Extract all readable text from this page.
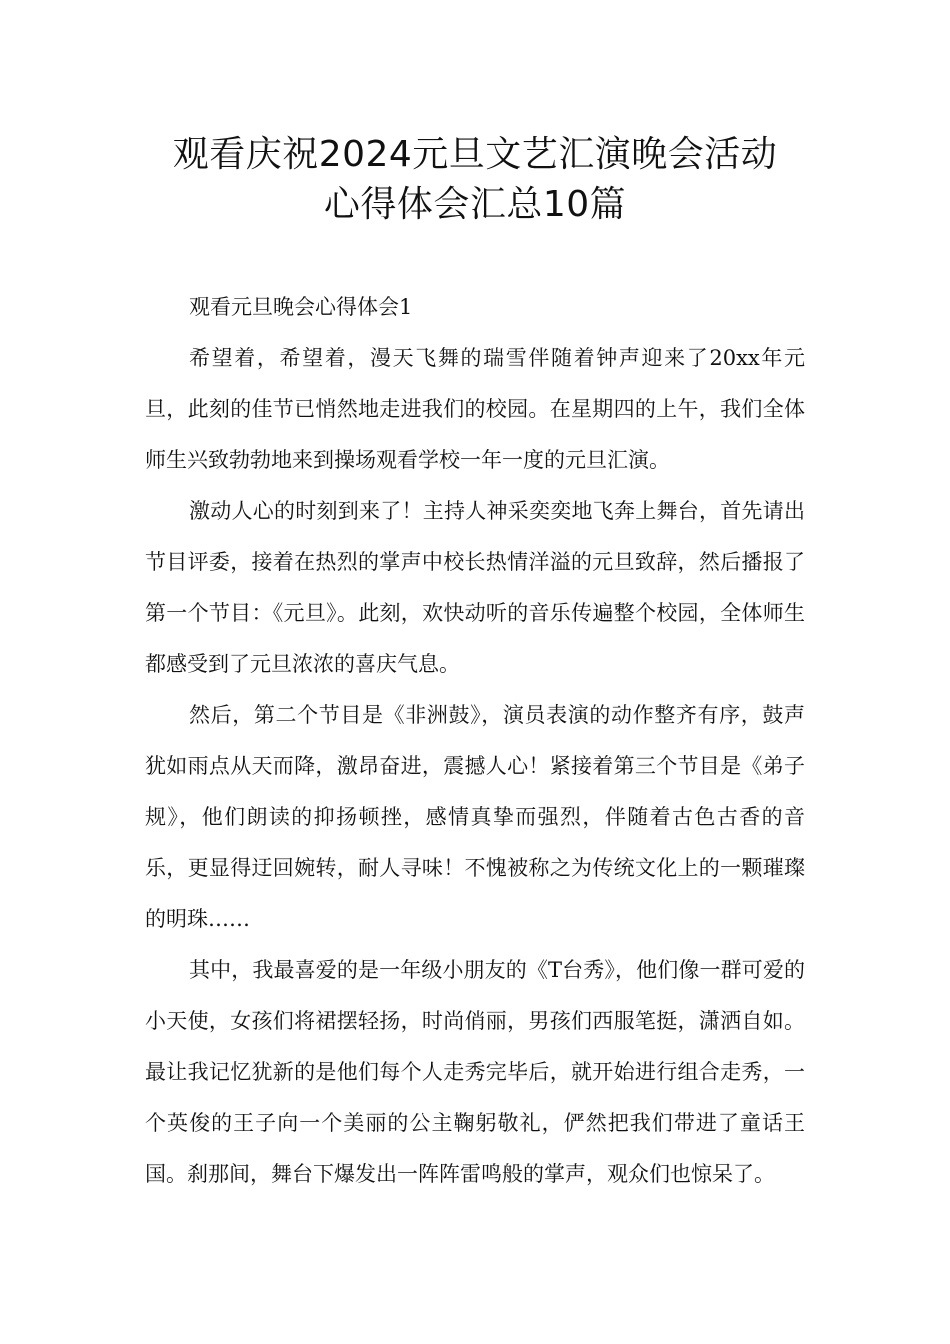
观看庆祝2024元旦文艺汇演晚会活动
心得体会汇总10篇

观看元旦晚会心得体会1

希望着，希望着，漫天飞舞的瑞雪伴随着钟声迎来了20xx年元旦，此刻的佳节已悄然地走进我们的校园。在星期四的上午，我们全体师生兴致勃勃地来到操场观看学校一年一度的元旦汇演。

激动人心的时刻到来了！主持人神采奕奕地飞奔上舞台，首先请出节目评委，接着在热烈的掌声中校长热情洋溢的元旦致辞，然后播报了第一个节目：《元旦》。此刻，欢快动听的音乐传遍整个校园，全体师生都感受到了元旦浓浓的喜庆气息。

然后，第二个节目是《非洲鼓》，演员表演的动作整齐有序，鼓声犹如雨点从天而降，激昂奋进，震撼人心！紧接着第三个节目是《弟子规》，他们朗读的抑扬顿挫，感情真挚而强烈，伴随着古色古香的音乐，更显得迂回婉转，耐人寻味！不愧被称之为传统文化上的一颗璀璨的明珠……

其中，我最喜爱的是一年级小朋友的《T台秀》，他们像一群可爱的小天使，女孩们将裙摆轻扬，时尚俏丽，男孩们西服笔挺，潇洒自如。最让我记忆犹新的是他们每个人走秀完毕后，就开始进行组合走秀，一个英俊的王子向一个美丽的公主鞠躬敬礼，俨然把我们带进了童话王国。刹那间，舞台下爆发出一阵阵雷鸣般的掌声，观众们也惊呆了。
